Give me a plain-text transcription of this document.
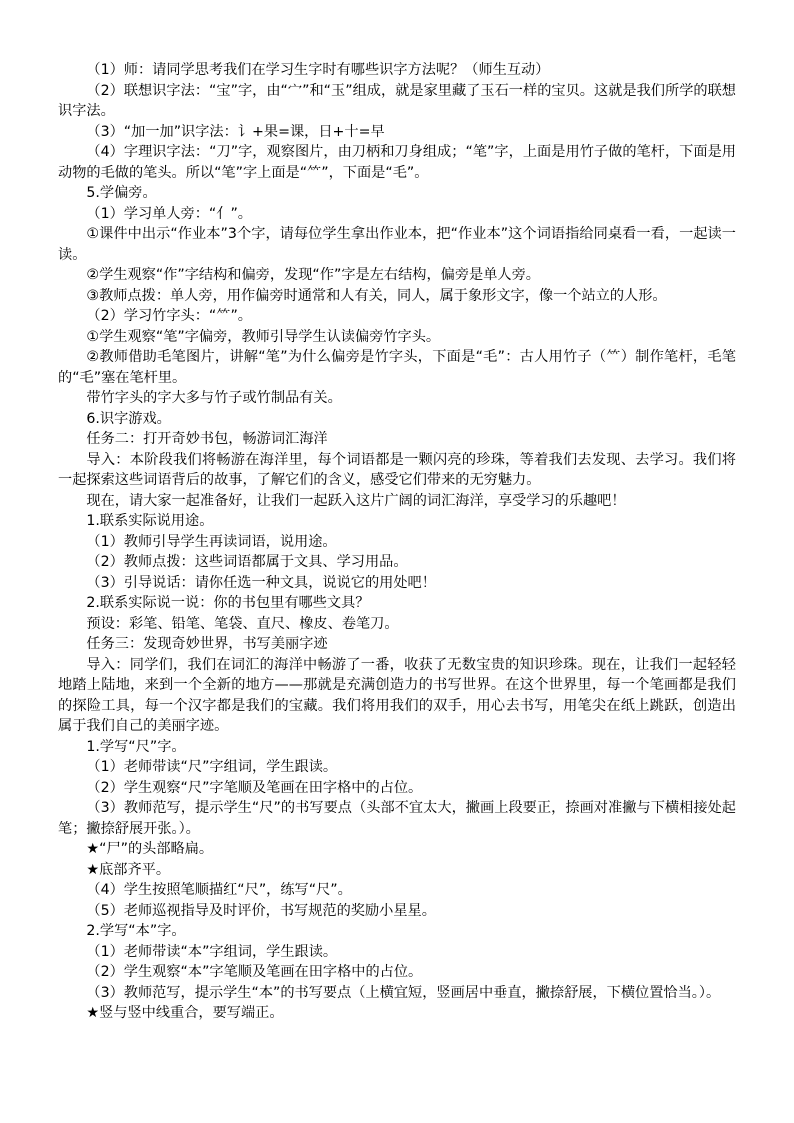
（1）师：请同学思考我们在学习生字时有哪些识字方法呢？（师生互动）

（2）联想识字法：“宝”字，由“宀”和“玉”组成，就是家里藏了玉石一样的宝贝。这就是我们所学的联想识字法。

（3）“加一加”识字法：讠+果=课，日+十=早

（4）字理识字法：“刀”字，观察图片，由刀柄和刀身组成；“笔”字，上面是用竹子做的笔杆，下面是用动物的毛做的笔头。所以“笔”字上面是“⺮”，下面是“毛”。

5.学偏旁。

（1）学习单人旁：“亻”。

①课件中出示“作业本”3个字，请每位学生拿出作业本，把“作业本”这个词语指给同桌看一看，一起读一读。

②学生观察“作”字结构和偏旁，发现“作”字是左右结构，偏旁是单人旁。

③教师点拨：单人旁，用作偏旁时通常和人有关，同人，属于象形文字，像一个站立的人形。

（2）学习竹字头：“⺮”。

①学生观察“笔”字偏旁，教师引导学生认读偏旁竹字头。

②教师借助毛笔图片，讲解“笔”为什么偏旁是竹字头，下面是“毛”：古人用竹子（⺮）制作笔杆，毛笔的“毛”塞在笔杆里。

带竹字头的字大多与竹子或竹制品有关。

6.识字游戏。

任务二：打开奇妙书包，畅游词汇海洋

导入：本阶段我们将畅游在海洋里，每个词语都是一颗闪亮的珍珠，等着我们去发现、去学习。我们将一起探索这些词语背后的故事，了解它们的含义，感受它们带来的无穷魅力。

现在，请大家一起准备好，让我们一起跃入这片广阔的词汇海洋，享受学习的乐趣吧！

1.联系实际说用途。

（1）教师引导学生再读词语，说用途。

（2）教师点拨：这些词语都属于文具、学习用品。

（3）引导说话：请你任选一种文具，说说它的用处吧！

2.联系实际说一说：你的书包里有哪些文具？

预设：彩笔、铅笔、笔袋、直尺、橡皮、卷笔刀。

任务三：发现奇妙世界，书写美丽字迹

导入：同学们，我们在词汇的海洋中畅游了一番，收获了无数宝贵的知识珍珠。现在，让我们一起轻轻地踏上陆地，来到一个全新的地方——那就是充满创造力的书写世界。在这个世界里，每一个笔画都是我们的探险工具，每一个汉字都是我们的宝藏。我们将用我们的双手，用心去书写，用笔尖在纸上跳跃，创造出属于我们自己的美丽字迹。

1.学写“尺”字。

（1）老师带读“尺”字组词，学生跟读。

（2）学生观察“尺”字笔顺及笔画在田字格中的占位。

（3）教师范写，提示学生“尺”的书写要点（头部不宜太大，撇画上段要正，捺画对准撇与下横相接处起笔；撇捺舒展开张。）。

★“尸”的头部略扁。

★底部齐平。

（4）学生按照笔顺描红“尺”，练写“尺”。

（5）老师巡视指导及时评价，书写规范的奖励小星星。

2.学写“本”字。

（1）老师带读“本”字组词，学生跟读。

（2）学生观察“本”字笔顺及笔画在田字格中的占位。

（3）教师范写，提示学生“本”的书写要点（上横宜短，竖画居中垂直，撇捺舒展，下横位置恰当。）。

★竖与竖中线重合，要写端正。
